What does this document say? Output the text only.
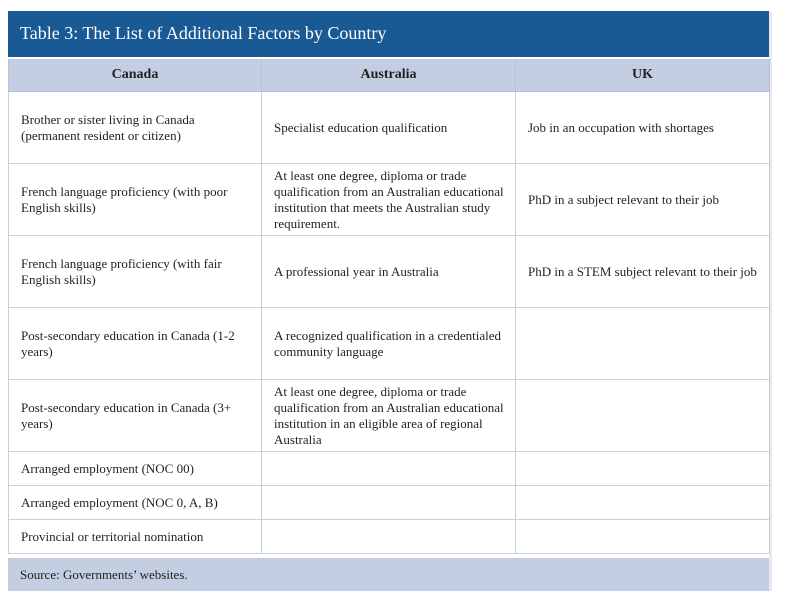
Table 3: The List of Additional Factors by Country
Canada	Australia	UK
Brother or sister living in Canada (permanent resident or citizen)	Specialist education qualification	Job in an occupation with shortages
French language proficiency (with poor English skills)	At least one degree, diploma or trade qualification from an Australian educational institution that meets the Australian study requirement.	PhD in a subject relevant to their job
French language proficiency (with fair English skills)	A professional year in Australia	PhD in a STEM subject relevant to their job
Post-secondary education in Canada (1-2 years)	A recognized qualification in a credentialed community language	
Post-secondary education in Canada (3+ years)	At least one degree, diploma or trade qualification from an Australian educational institution in an eligible area of regional Australia	
Arranged employment (NOC 00)		
Arranged employment (NOC 0, A, B)		
Provincial or territorial nomination		
Source: Governments’ websites.
